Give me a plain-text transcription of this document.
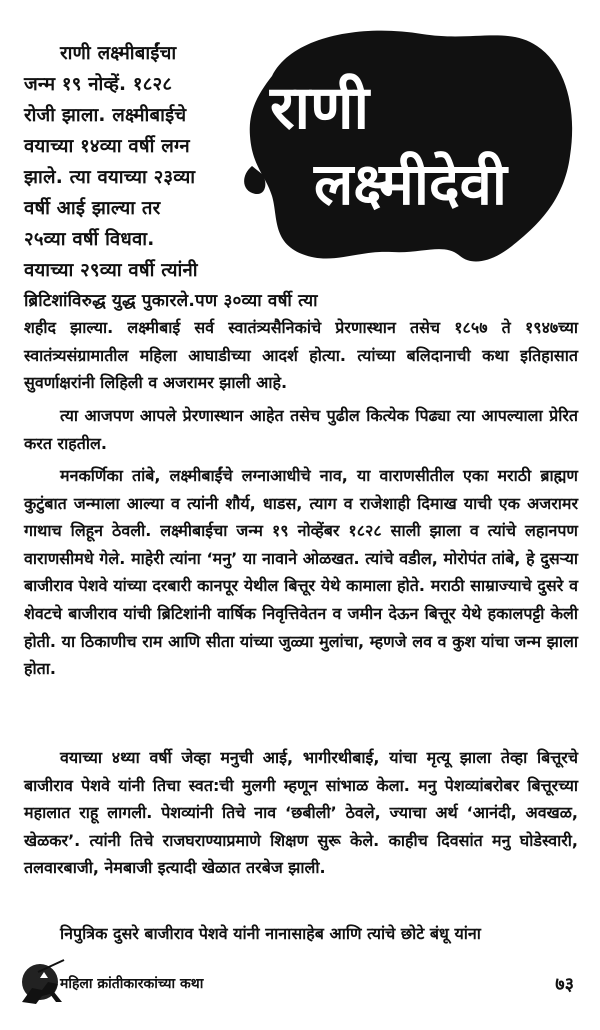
राणी
लक्ष्मीदेवी
राणी लक्ष्मीबाईंचा
जन्म १९ नोव्हें. १८२८
रोजी झाला. लक्ष्मीबाईचे
वयाच्या १४व्या वर्षी लग्न
झाले. त्या वयाच्या २३व्या
वर्षी आई झाल्या तर
२५व्या वर्षी विधवा.
वयाच्या २९व्या वर्षी त्यांनी
ब्रिटिशांविरुद्ध युद्ध पुकारले.पण ३०व्या वर्षी त्या

शहीद झाल्या. लक्ष्मीबाई सर्व स्वातंत्र्यसैनिकांचे प्रेरणास्थान तसेच १८५७ ते १९४७च्या स्वातंत्र्यसंग्रामातील महिला आघाडीच्या आदर्श होत्या. त्यांच्या बलिदानाची कथा इतिहासात सुवर्णाक्षरांनी लिहिली व अजरामर झाली आहे.

त्या आजपण आपले प्रेरणास्थान आहेत तसेच पुढील कित्येक पिढ्या त्या आपल्याला प्रेरित करत राहतील.

मनकर्णिका तांबे, लक्ष्मीबाईंचे लग्नाआधीचे नाव, या वाराणसीतील एका मराठी ब्राह्मण कुटुंबात जन्माला आल्या व त्यांनी शौर्य, धाडस, त्याग व राजेशाही दिमाख याची एक अजरामर गाथाच लिहून ठेवली. लक्ष्मीबाईचा जन्म १९ नोव्हेंबर १८२८ साली झाला व त्यांचे लहानपण वाराणसीमधे गेले. माहेरी त्यांना ‘मनु’ या नावाने ओळखत. त्यांचे वडील, मोरोपंत तांबे, हे दुसऱ्या बाजीराव पेशवे यांच्या दरबारी कानपूर येथील बित्तूर येथे कामाला होते. मराठी साम्राज्याचे दुसरे व शेवटचे बाजीराव यांची ब्रिटिशांनी वार्षिक निवृत्तिवेतन व जमीन देऊन बित्तूर येथे हकालपट्टी केली होती. या ठिकाणीच राम आणि सीता यांच्या जुळ्या मुलांचा, म्हणजे लव व कुश यांचा जन्म झाला होता.

वयाच्या ४थ्या वर्षी जेव्हा मनुची आई, भागीरथीबाई, यांचा मृत्यू झाला तेव्हा बित्तूरचे बाजीराव पेशवे यांनी तिचा स्वत:ची मुलगी म्हणून सांभाळ केला. मनु पेशव्यांबरोबर बित्तूरच्या महालात राहू लागली. पेशव्यांनी तिचे नाव ‘छबीली’ ठेवले, ज्याचा अर्थ ‘आनंदी, अवखळ, खेळकर’. त्यांनी तिचे राजघराण्याप्रमाणे शिक्षण सुरू केले. काहीच दिवसांत मनु घोडेस्वारी, तलवारबाजी, नेमबाजी इत्यादी खेळात तरबेज झाली.

निपुत्रिक दुसरे बाजीराव पेशवे यांनी नानासाहेब आणि त्यांचे छोटे बंधू यांना

महिला क्रांतीकारकांच्या कथा	७३
